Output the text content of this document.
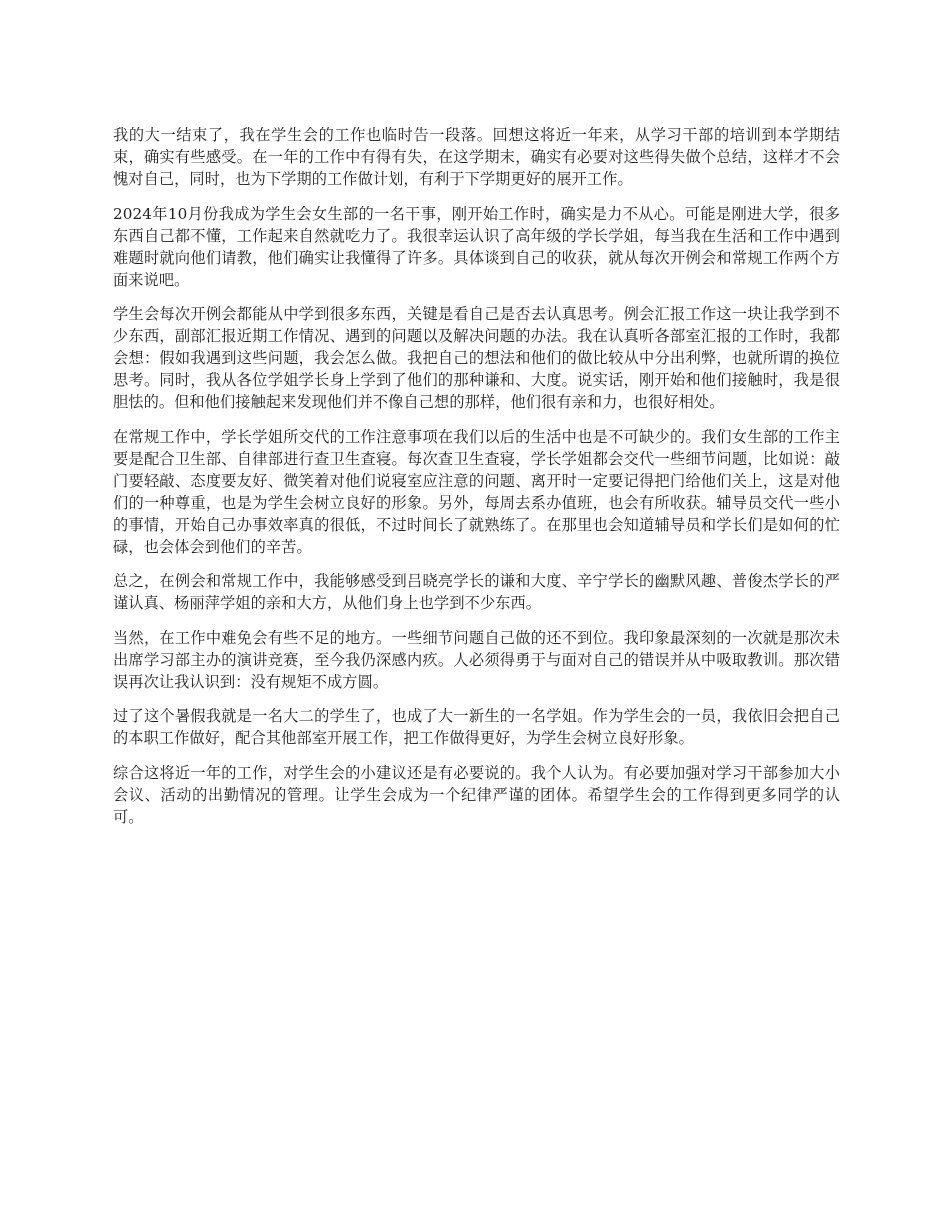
我的大一结束了，我在学生会的工作也临时告一段落。回想这将近一年来，从学习干部的培训到本学期结束，确实有些感受。在一年的工作中有得有失，在这学期末，确实有必要对这些得失做个总结，这样才不会愧对自己，同时，也为下学期的工作做计划，有利于下学期更好的展开工作。

2024年10月份我成为学生会女生部的一名干事，刚开始工作时，确实是力不从心。可能是刚进大学，很多东西自己都不懂，工作起来自然就吃力了。我很幸运认识了高年级的学长学姐，每当我在生活和工作中遇到难题时就向他们请教，他们确实让我懂得了许多。具体谈到自己的收获，就从每次开例会和常规工作两个方面来说吧。

学生会每次开例会都能从中学到很多东西，关键是看自己是否去认真思考。例会汇报工作这一块让我学到不少东西，副部汇报近期工作情况、遇到的问题以及解决问题的办法。我在认真听各部室汇报的工作时，我都会想：假如我遇到这些问题，我会怎么做。我把自己的想法和他们的做比较从中分出利弊，也就所谓的换位思考。同时，我从各位学姐学长身上学到了他们的那种谦和、大度。说实话，刚开始和他们接触时，我是很胆怯的。但和他们接触起来发现他们并不像自己想的那样，他们很有亲和力，也很好相处。

在常规工作中，学长学姐所交代的工作注意事项在我们以后的生活中也是不可缺少的。我们女生部的工作主要是配合卫生部、自律部进行查卫生查寝。每次查卫生查寝，学长学姐都会交代一些细节问题，比如说：敲门要轻敲、态度要友好、微笑着对他们说寝室应注意的问题、离开时一定要记得把门给他们关上，这是对他们的一种尊重，也是为学生会树立良好的形象。另外，每周去系办值班，也会有所收获。辅导员交代一些小的事情，开始自己办事效率真的很低，不过时间长了就熟练了。在那里也会知道辅导员和学长们是如何的忙碌，也会体会到他们的辛苦。

总之，在例会和常规工作中，我能够感受到吕晓亮学长的谦和大度、辛宁学长的幽默风趣、普俊杰学长的严谨认真、杨丽萍学姐的亲和大方，从他们身上也学到不少东西。

当然，在工作中难免会有些不足的地方。一些细节问题自己做的还不到位。我印象最深刻的一次就是那次未出席学习部主办的演讲竞赛，至今我仍深感内疚。人必须得勇于与面对自己的错误并从中吸取教训。那次错误再次让我认识到：没有规矩不成方圆。

过了这个暑假我就是一名大二的学生了，也成了大一新生的一名学姐。作为学生会的一员，我依旧会把自己的本职工作做好，配合其他部室开展工作，把工作做得更好，为学生会树立良好形象。

综合这将近一年的工作，对学生会的小建议还是有必要说的。我个人认为。有必要加强对学习干部参加大小会议、活动的出勤情况的管理。让学生会成为一个纪律严谨的团体。希望学生会的工作得到更多同学的认可。
